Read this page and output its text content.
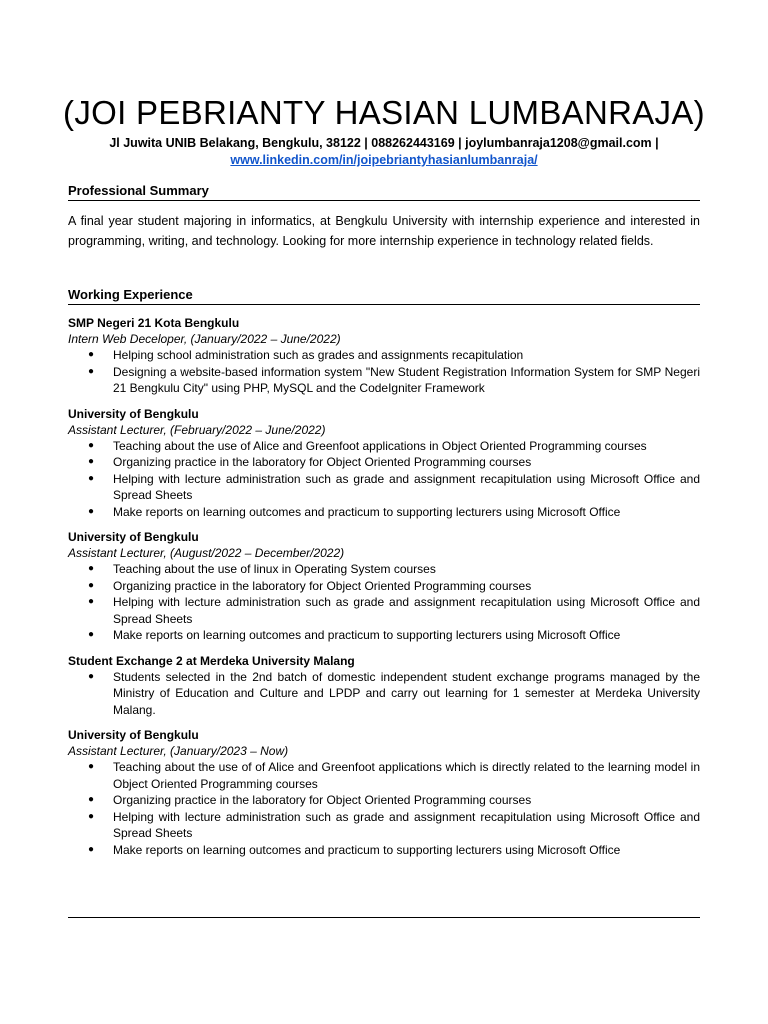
(JOI PEBRIANTY HASIAN LUMBANRAJA)
Jl Juwita UNIB Belakang, Bengkulu, 38122 | 088262443169 | joylumbanraja1208@gmail.com |
www.linkedin.com/in/joipebriantyhasianlumbanraja/
Professional Summary
A final year student majoring in informatics, at Bengkulu University with internship experience and interested in programming, writing, and technology. Looking for more internship experience in technology related fields.
Working Experience
SMP Negeri 21 Kota Bengkulu
Intern Web Deceloper, (January/2022 – June/2022)
● Helping school administration such as grades and assignments recapitulation
● Designing a website-based information system "New Student Registration Information System for SMP Negeri 21 Bengkulu City" using PHP, MySQL and the CodeIgniter Framework
University of Bengkulu
Assistant Lecturer, (February/2022 – June/2022)
● Teaching about the use of Alice and Greenfoot applications in Object Oriented Programming courses
● Organizing practice in the laboratory for Object Oriented Programming courses
● Helping with lecture administration such as grade and assignment recapitulation using Microsoft Office and Spread Sheets
● Make reports on learning outcomes and practicum to supporting lecturers using Microsoft Office
University of Bengkulu
Assistant Lecturer, (August/2022 – December/2022)
● Teaching about the use of linux in Operating System courses
● Organizing practice in the laboratory for Object Oriented Programming courses
● Helping with lecture administration such as grade and assignment recapitulation using Microsoft Office and Spread Sheets
● Make reports on learning outcomes and practicum to supporting lecturers using Microsoft Office
Student Exchange 2 at Merdeka University Malang
● Students selected in the 2nd batch of domestic independent student exchange programs managed by the Ministry of Education and Culture and LPDP and carry out learning for 1 semester at Merdeka University Malang.
University of Bengkulu
Assistant Lecturer, (January/2023 – Now)
● Teaching about the use of of Alice and Greenfoot applications which is directly related to the learning model in Object Oriented Programming courses
● Organizing practice in the laboratory for Object Oriented Programming courses
● Helping with lecture administration such as grade and assignment recapitulation using Microsoft Office and Spread Sheets
● Make reports on learning outcomes and practicum to supporting lecturers using Microsoft Office
